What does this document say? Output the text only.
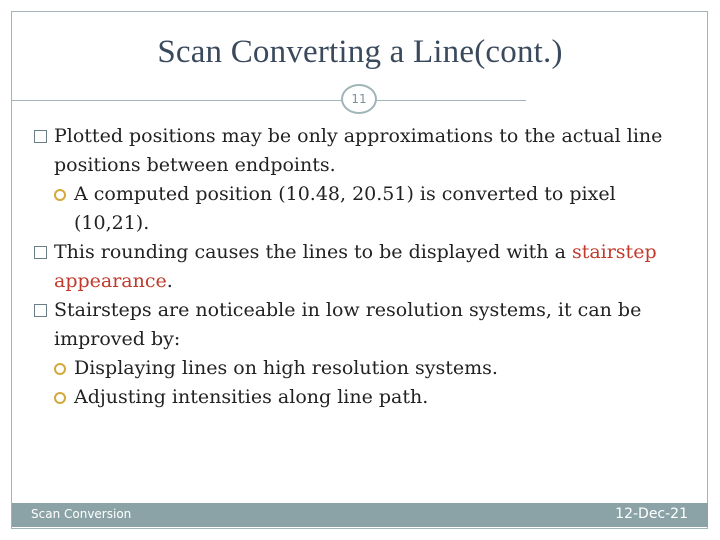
Scan Converting a Line(cont.)
11

Plotted positions may be only approximations to the actual line positions between endpoints.

A computed position (10.48, 20.51) is converted to pixel (10,21).

This rounding causes the lines to be displayed with a stairstep appearance.

Stairsteps are noticeable in low resolution systems, it can be improved by:

Displaying lines on high resolution systems.

Adjusting intensities along line path.

Scan Conversion	12-Dec-21
